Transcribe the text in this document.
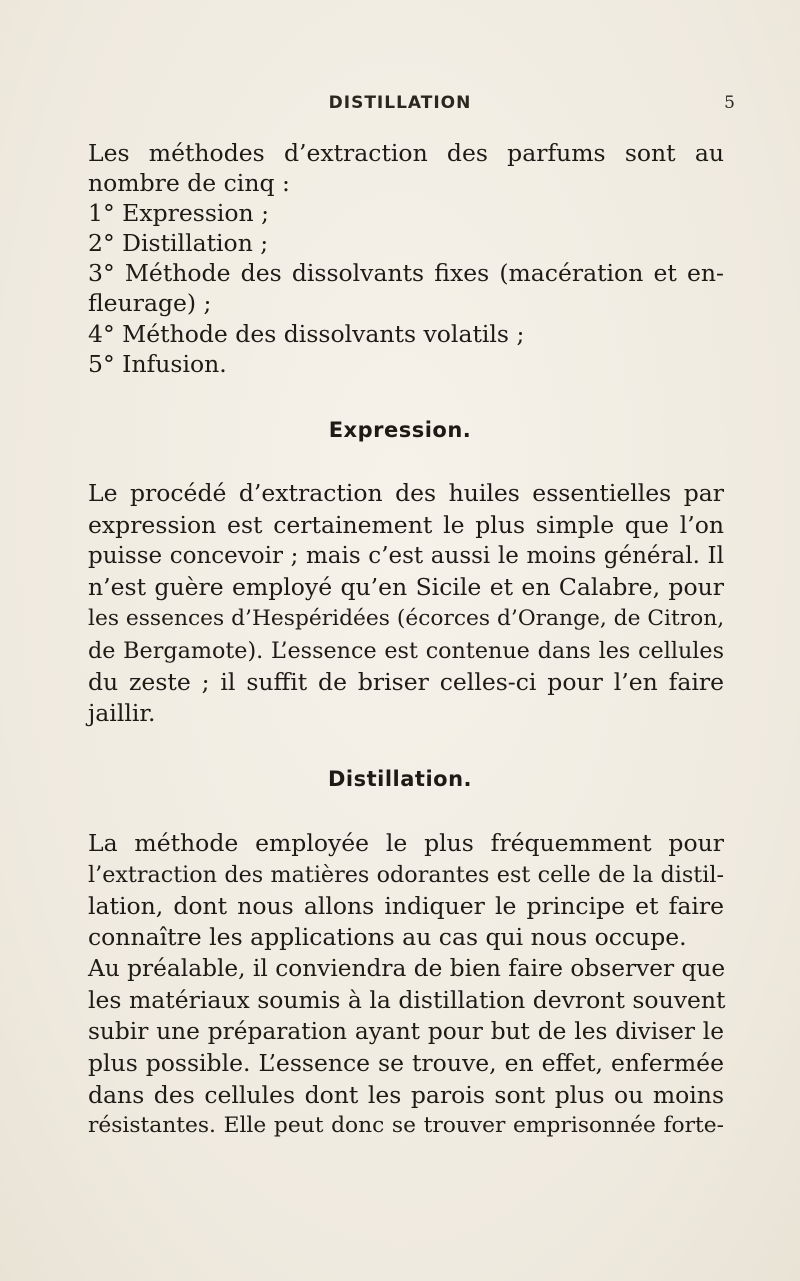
DISTILLATION	5
Les méthodes d’extraction des parfums sont au
nombre de cinq :
1° Expression ;
2° Distillation ;
3° Méthode des dissolvants fixes (macération et en-
fleurage) ;
4° Méthode des dissolvants volatils ;
5° Infusion.
Expression.
Le procédé d’extraction des huiles essentielles par
expression est certainement le plus simple que l’on
puisse concevoir ; mais c’est aussi le moins général. Il
n’est guère employé qu’en Sicile et en Calabre, pour
les essences d’Hespéridées (écorces d’Orange, de Citron,
de Bergamote). L’essence est contenue dans les cellules
du zeste ; il suffit de briser celles-ci pour l’en faire
jaillir.
Distillation.
La méthode employée le plus fréquemment pour
l’extraction des matières odorantes est celle de la distil-
lation, dont nous allons indiquer le principe et faire
connaître les applications au cas qui nous occupe.
Au préalable, il conviendra de bien faire observer que
les matériaux soumis à la distillation devront souvent
subir une préparation ayant pour but de les diviser le
plus possible. L’essence se trouve, en effet, enfermée
dans des cellules dont les parois sont plus ou moins
résistantes. Elle peut donc se trouver emprisonnée forte-
